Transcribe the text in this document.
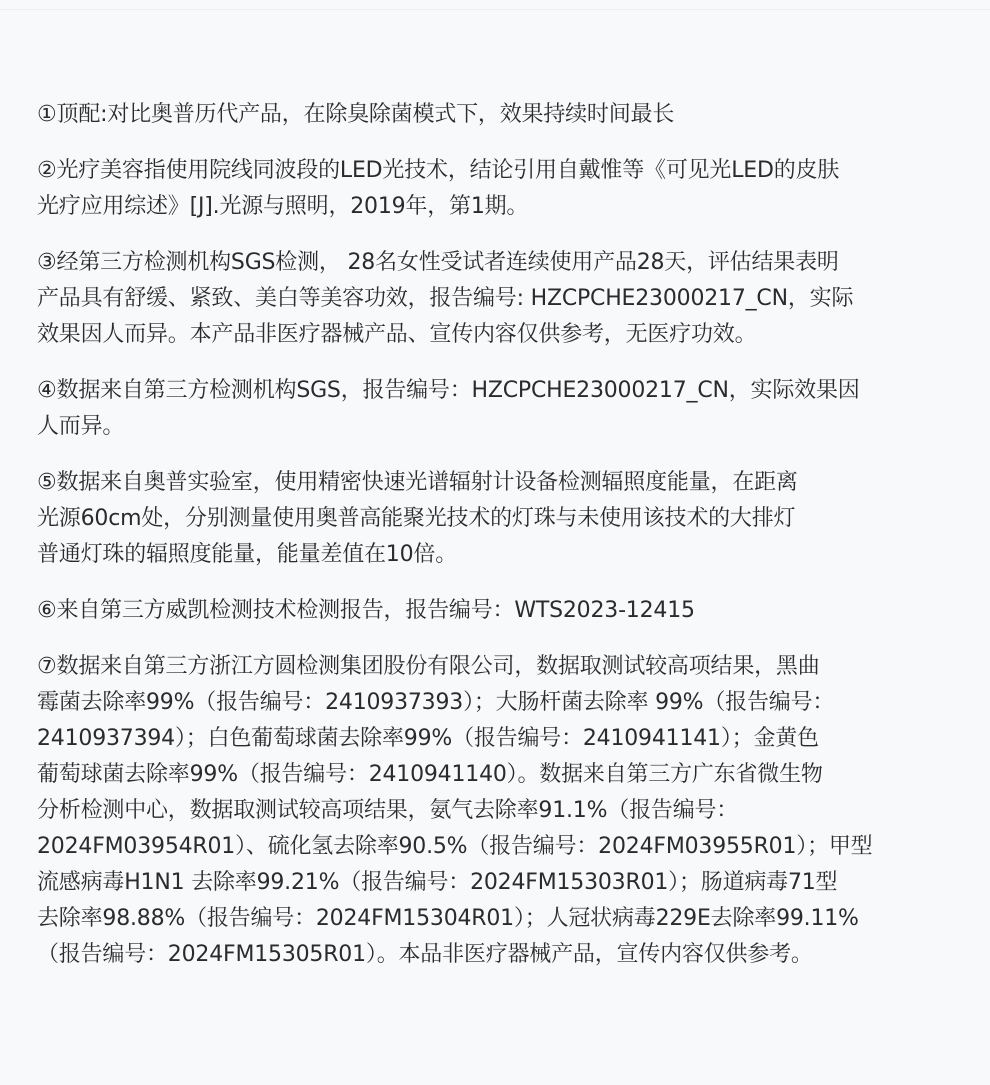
①顶配:对比奥普历代产品，在除臭除菌模式下，效果持续时间最长

②光疗美容指使用院线同波段的LED光技术，结论引用自戴惟等《可见光LED的皮肤
光疗应用综述》[J].光源与照明，2019年，第1期。

③经第三方检测机构SGS检测， 28名女性受试者连续使用产品28天，评估结果表明
产品具有舒缓、紧致、美白等美容功效，报告编号: HZCPCHE23000217_CN，实际
效果因人而异。本产品非医疗器械产品、宣传内容仅供参考，无医疗功效。

④数据来自第三方检测机构SGS，报告编号：HZCPCHE23000217_CN，实际效果因
人而异。

⑤数据来自奥普实验室，使用精密快速光谱辐射计设备检测辐照度能量，在距离
光源60cm处，分别测量使用奥普高能聚光技术的灯珠与未使用该技术的大排灯
普通灯珠的辐照度能量，能量差值在10倍。

⑥来自第三方威凯检测技术检测报告，报告编号：WTS2023-12415

⑦数据来自第三方浙江方圆检测集团股份有限公司，数据取测试较高项结果，黑曲
霉菌去除率99%（报告编号：2410937393）；大肠杆菌去除率 99%（报告编号：
2410937394）；白色葡萄球菌去除率99%（报告编号：2410941141）；金黄色
葡萄球菌去除率99%（报告编号：2410941140）。数据来自第三方广东省微生物
分析检测中心，数据取测试较高项结果，氨气去除率91.1%（报告编号：
2024FM03954R01）、硫化氢去除率90.5%（报告编号：2024FM03955R01）；甲型
流感病毒H1N1 去除率99.21%（报告编号：2024FM15303R01）；肠道病毒71型
去除率98.88%（报告编号：2024FM15304R01）；人冠状病毒229E去除率99.11%
（报告编号：2024FM15305R01）。本品非医疗器械产品，宣传内容仅供参考。
